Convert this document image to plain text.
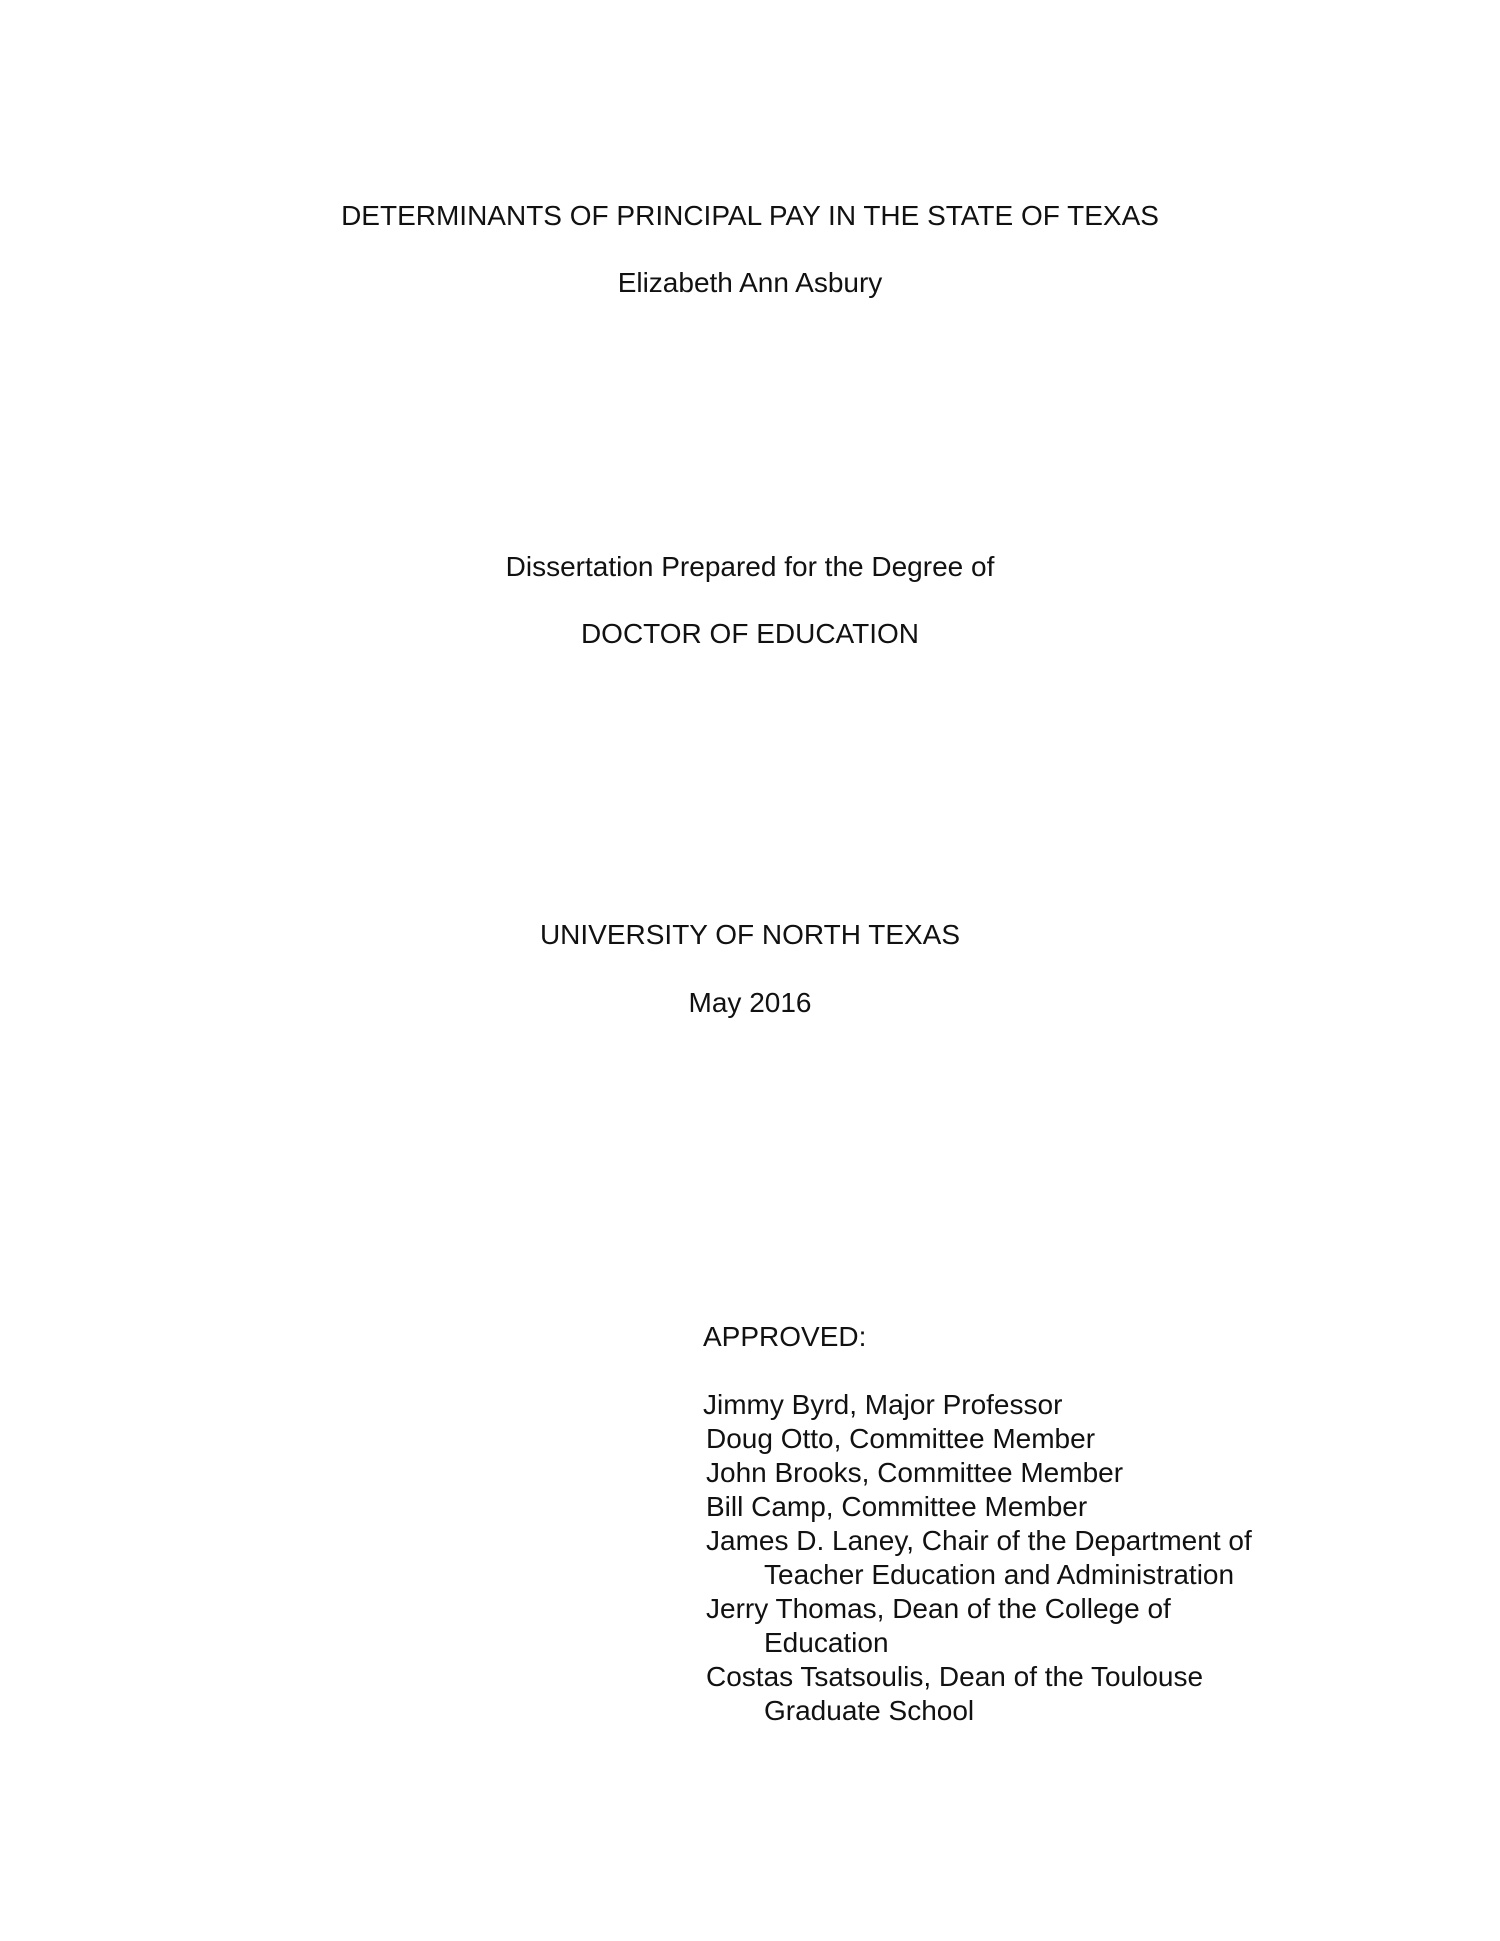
DETERMINANTS OF PRINCIPAL PAY IN THE STATE OF TEXAS
Elizabeth Ann Asbury
Dissertation Prepared for the Degree of
DOCTOR OF EDUCATION
UNIVERSITY OF NORTH TEXAS
May 2016
APPROVED:
Jimmy Byrd, Major Professor
Doug Otto, Committee Member
John Brooks, Committee Member
Bill Camp, Committee Member
James D. Laney, Chair of the Department of
Teacher Education and Administration
Jerry Thomas, Dean of the College of
Education
Costas Tsatsoulis, Dean of the Toulouse
Graduate School
